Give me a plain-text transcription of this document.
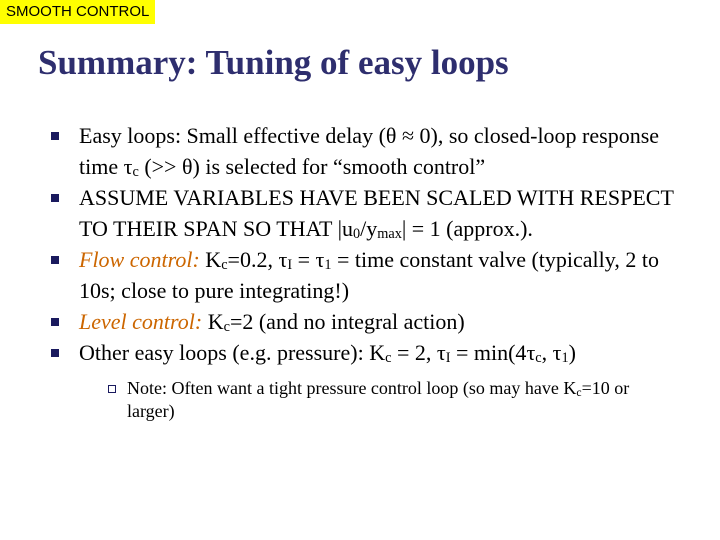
SMOOTH CONTROL
Summary: Tuning of easy loops
Easy loops: Small effective delay (θ ≈ 0), so closed-loop response time $\tau_c$ (>> θ) is selected for “smooth control”
ASSUME VARIABLES HAVE BEEN SCALED WITH RESPECT TO THEIR SPAN SO THAT $|u_0/y_{max}| = 1$ (approx.).
Flow control: $K_c=0.2$, $\tau_I = \tau_1$ = time constant valve (typically, 2 to 10s; close to pure integrating!)
Level control: $K_c=2$ (and no integral action)
Other easy loops (e.g. pressure): $K_c = 2$, $\tau_I = \min(4\tau_c$, $\tau_1$)
Note: Often want a tight pressure control loop (so may have $K_c=10$ or larger)
